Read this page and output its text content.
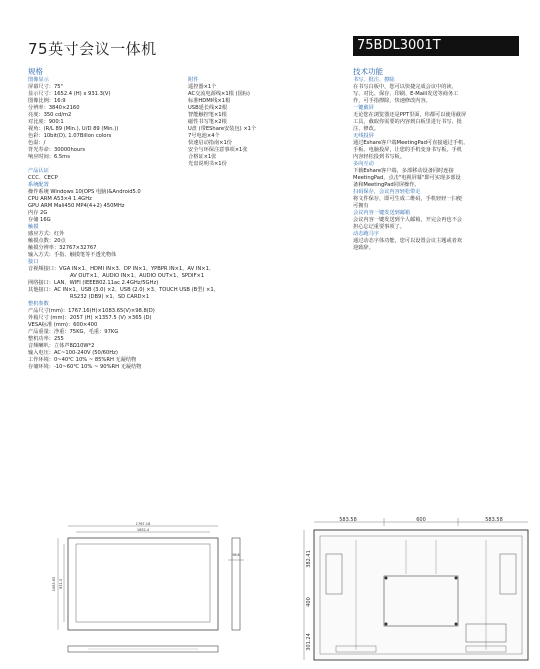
75英寸会议一体机	75BDL3001T
规格
图像显示
屏幕尺寸：75"
显示尺寸：1652.4 (H) x 931.3(V)
图像比例：16:9
分辨率：3840×2160
亮度：350 cd/m2
对比度：900:1
视角：(R/L 89 (Min.), U/D 89 (Min.))
色彩：10bit(D), 1.07Billon colors
色温：/
背光寿命：30000hours
响应时间：6.5ms
产品认证
CCC、CECP
系统配置
操作系统 Windows 10(OPS 电脑)&Android5.0
CPU ARM A53×4 1.4GHz
GPU ARM Mali450 MP4(4+2) 450MHz
内存 2G
存储 16G
触摸
感应方式：红外
触摸点数：20点
触摸分辨率：32767×32767
输入方式：手指、触摸笔等不透光物体
接口
音视频接口：VGA IN×1、HDMI IN×3、DP IN×1、YPBPR IN×1、AV IN×1、
AV OUT×1、AUDIO IN×1、AUDIO OUT×1、SPDIF×1
网络接口：LAN、WIFI (IEEE802.11ac 2.4GHz/5GHz)
其他接口：AC IN×1、USB (3.0) ×2、USB (2.0) ×3、TOUCH USB (B型) ×1、
RS232 (DB9) ×1、SD CARD×1
整机参数
产品尺寸(mm)：1767.16(H)×1083.65(V)×98.8(D)
外箱尺寸 (mm)：2057 (H) ×1357.5 (V) ×365 (D)
VESA标准 (mm)：600×400
产品重量：净重：75KG，毛重：97KG
整机功率：255
音频喇叭：立体声8Ω10W*2
输入电压：AC~100-240V (50/60Hz)
工作环境：0~40℃ 10% ~ 85%RH 无凝结物
存储环境：-10~60℃ 10% ~ 90%RH 无凝结物
附件
遥控器×1个
AC交流电源线×1根 (国标)
标准HDMI线×1根
USB延长线×2根
智能触控笔×1根
磁性书写笔×2根
U盘 (带EShare安装包) ×1个
7号电池×4个
快速启动指南×1份
安全与环保注意事项×1张
合格证×1张
光盘说明书×1份
技术功能
书写、批注、擦除
在书写白板中，您可以快捷完成会议中的读、
写、对比、保存、印刷、E-Maill发送等商务工
作，可手指擦除，快速修改内容。
一键截屏
无论您在浏览器还是PPT里面，你都可以使用截屏
工具，截取你需要的内容到白板里进行书写、批
注、修改。
无线投屏
通过Eshare客户端MeetingPad可直接通过手机、
手板、电脑投屏，让您的手机变身书写板，手机
内容轻松投到书写板。
多向互动
下载Eshare客户端，多部移动设备同时连接
MeetingPad，点击"电视屏幕"即可实现多部设
备和MeetingPad同屏操作。
扫码保存，会议内容轻松带走
将文件保存，即可生成二维码，手机轻轻一扫便
可拥有
会议内容一键发送到邮箱
会议内容一键发送到个人邮箱，开完会再也不会
担心忘记重要事项了。
动态跑马字
通过动态字体功能，您可以设置会议主题或者欢
迎致辞。
1767.16
1652.4
1083.65 931.3
98.8
583.58	600	583.58
382.41
400
301.24
